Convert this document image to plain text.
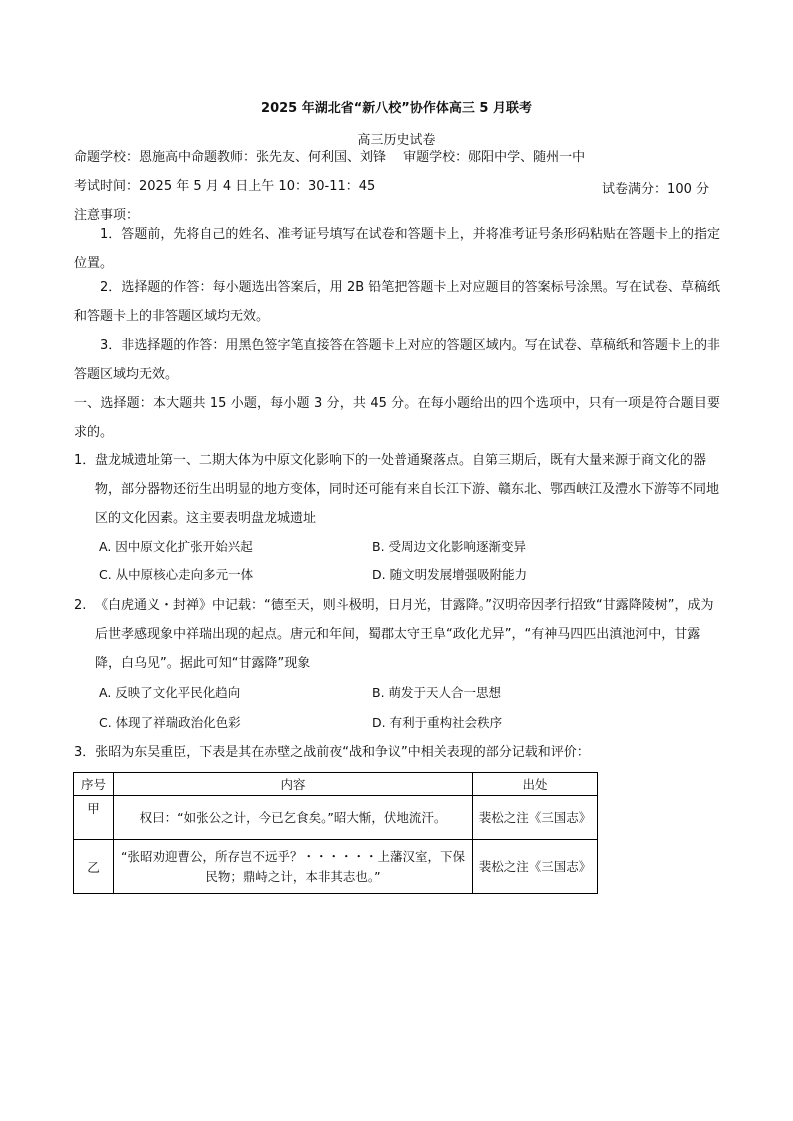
2025 年湖北省“新八校”协作体高三 5 月联考
高三历史试卷
命题学校：恩施高中命题教师：张先友、何利国、刘锋　 审题学校：郧阳中学、随州一中
考试时间：2025 年 5 月 4 日上午 10：30-11：45	试卷满分：100 分
注意事项：
1．答题前，先将自己的姓名、准考证号填写在试卷和答题卡上，并将准考证号条形码粘贴在答题卡上的指定位置。
2．选择题的作答：每小题选出答案后，用 2B 铅笔把答题卡上对应题目的答案标号涂黑。写在试卷、草稿纸和答题卡上的非答题区域均无效。
3．非选择题的作答：用黑色签字笔直接答在答题卡上对应的答题区域内。写在试卷、草稿纸和答题卡上的非答题区域均无效。
一、选择题：本大题共 15 小题，每小题 3 分，共 45 分。在每小题给出的四个选项中，只有一项是符合题目要求的。
1． 盘龙城遗址第一、二期大体为中原文化影响下的一处普通聚落点。自第三期后，既有大量来源于商文化的器物，部分器物还衍生出明显的地方变体，同时还可能有来自长江下游、赣东北、鄂西峡江及澧水下游等不同地区的文化因素。这主要表明盘龙城遗址
A. 因中原文化扩张开始兴起	B. 受周边文化影响逐渐变异
C. 从中原核心走向多元一体	D. 随文明发展增强吸附能力
2. 《白虎通义・封禅》中记载：“德至天，则斗极明，日月光，甘露降。”汉明帝因孝行招致“甘露降陵树”，成为后世孝感现象中祥瑞出现的起点。唐元和年间，蜀郡太守王阜“政化尤异”，“有神马四匹出滇池河中，甘露降，白乌见”。据此可知“甘露降”现象
A. 反映了文化平民化趋向	B. 萌发于天人合一思想
C. 体现了祥瑞政治化色彩	D. 有利于重构社会秩序
3．张昭为东吴重臣，下表是其在赤壁之战前夜“战和争议”中相关表现的部分记载和评价：
序号	内容	出处
甲	权曰：“如张公之计，今已乞食矣。”昭大惭，伏地流汗。	裴松之注《三国志》
乙	“张昭劝迎曹公，所存岂不远乎？・・・・・・上藩汉室，下保民物；鼎峙之计，本非其志也。”	裴松之注《三国志》
